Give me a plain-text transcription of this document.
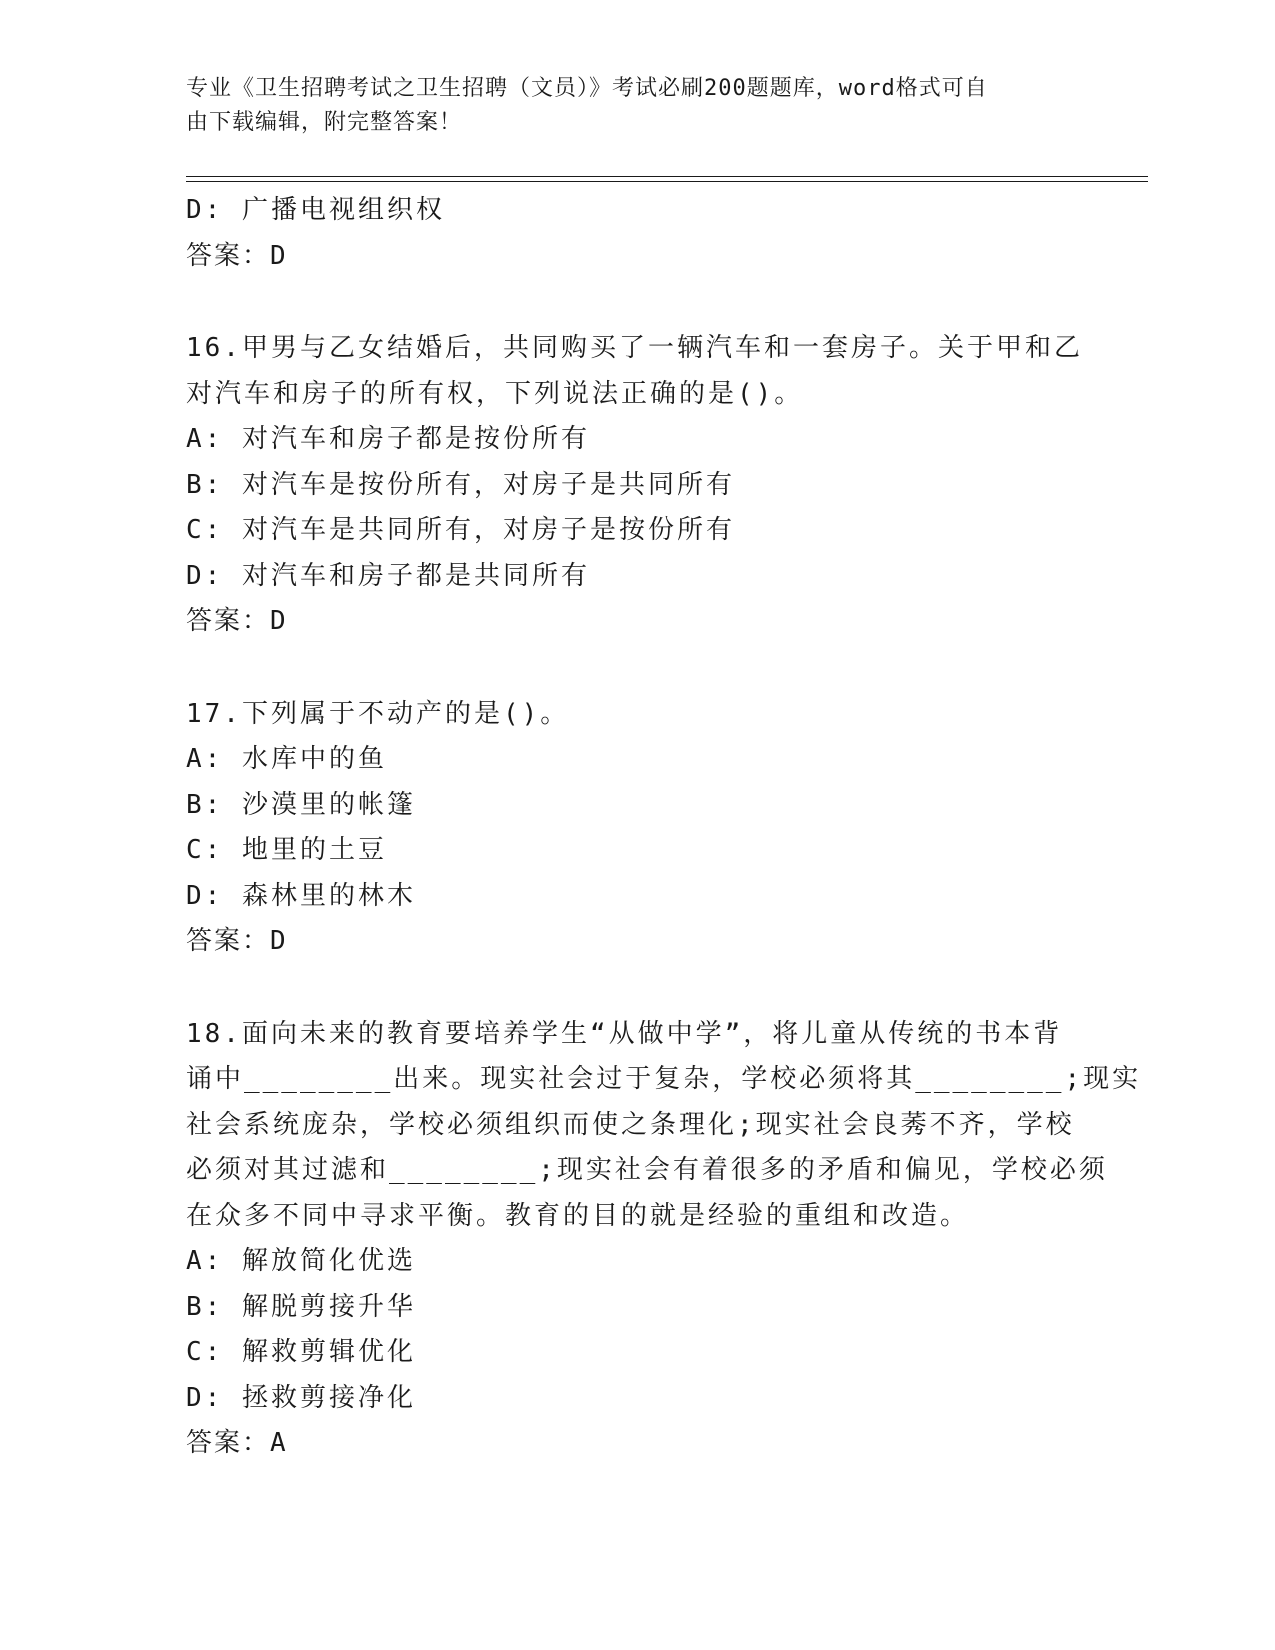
专业《卫生招聘考试之卫生招聘（文员）》考试必刷200题题库，word格式可自
由下载编辑，附完整答案！
D: 广播电视组织权
答案：D
16.甲男与乙女结婚后，共同购买了一辆汽车和一套房子。关于甲和乙
对汽车和房子的所有权，下列说法正确的是()。
A: 对汽车和房子都是按份所有
B: 对汽车是按份所有，对房子是共同所有
C: 对汽车是共同所有，对房子是按份所有
D: 对汽车和房子都是共同所有
答案：D
17.下列属于不动产的是()。
A: 水库中的鱼
B: 沙漠里的帐篷
C: 地里的土豆
D: 森林里的林木
答案：D
18.面向未来的教育要培养学生“从做中学”，将儿童从传统的书本背
诵中________出来。现实社会过于复杂，学校必须将其________;现实
社会系统庞杂，学校必须组织而使之条理化;现实社会良莠不齐，学校
必须对其过滤和________;现实社会有着很多的矛盾和偏见，学校必须
在众多不同中寻求平衡。教育的目的就是经验的重组和改造。
A: 解放简化优选
B: 解脱剪接升华
C: 解救剪辑优化
D: 拯救剪接净化
答案：A
